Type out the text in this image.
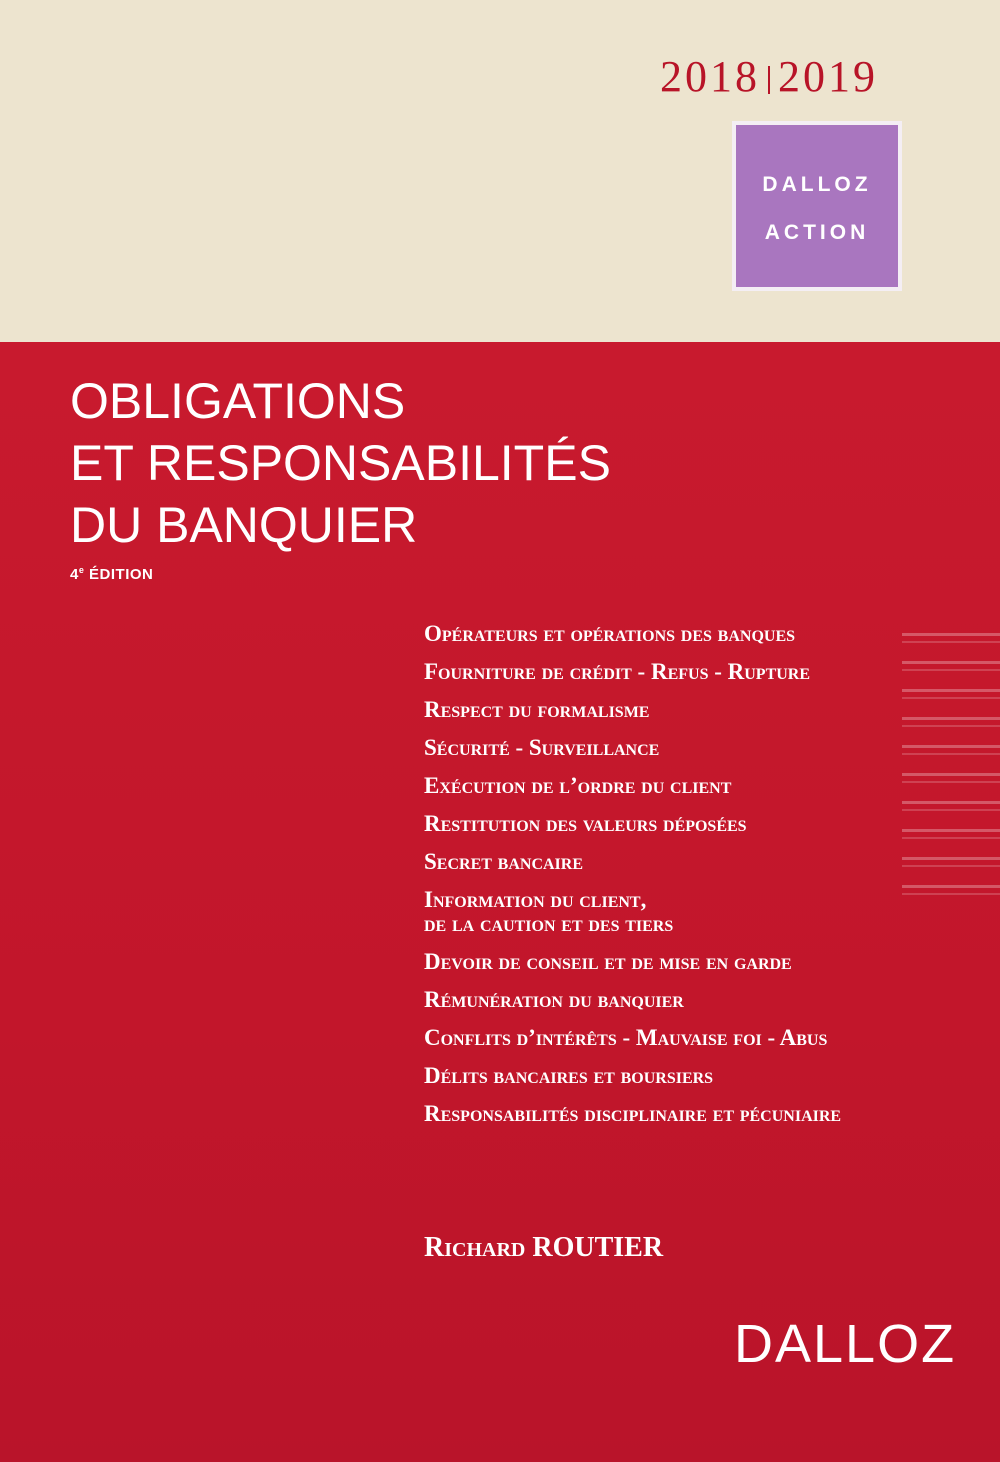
2018 2019
DALLOZ
ACTION
OBLIGATIONS
ET RESPONSABILITÉS
DU BANQUIER
4e ÉDITION
Opérateurs et opérations des banques
Fourniture de crédit - Refus - Rupture
Respect du formalisme
Sécurité - Surveillance
Exécution de l’ordre du client
Restitution des valeurs déposées
Secret bancaire
Information du client,
de la caution et des tiers
Devoir de conseil et de mise en garde
Rémunération du banquier
Conflits d’intérêts - Mauvaise foi - Abus
Délits bancaires et boursiers
Responsabilités disciplinaire et pécuniaire
Richard ROUTIER
DALLOZ
